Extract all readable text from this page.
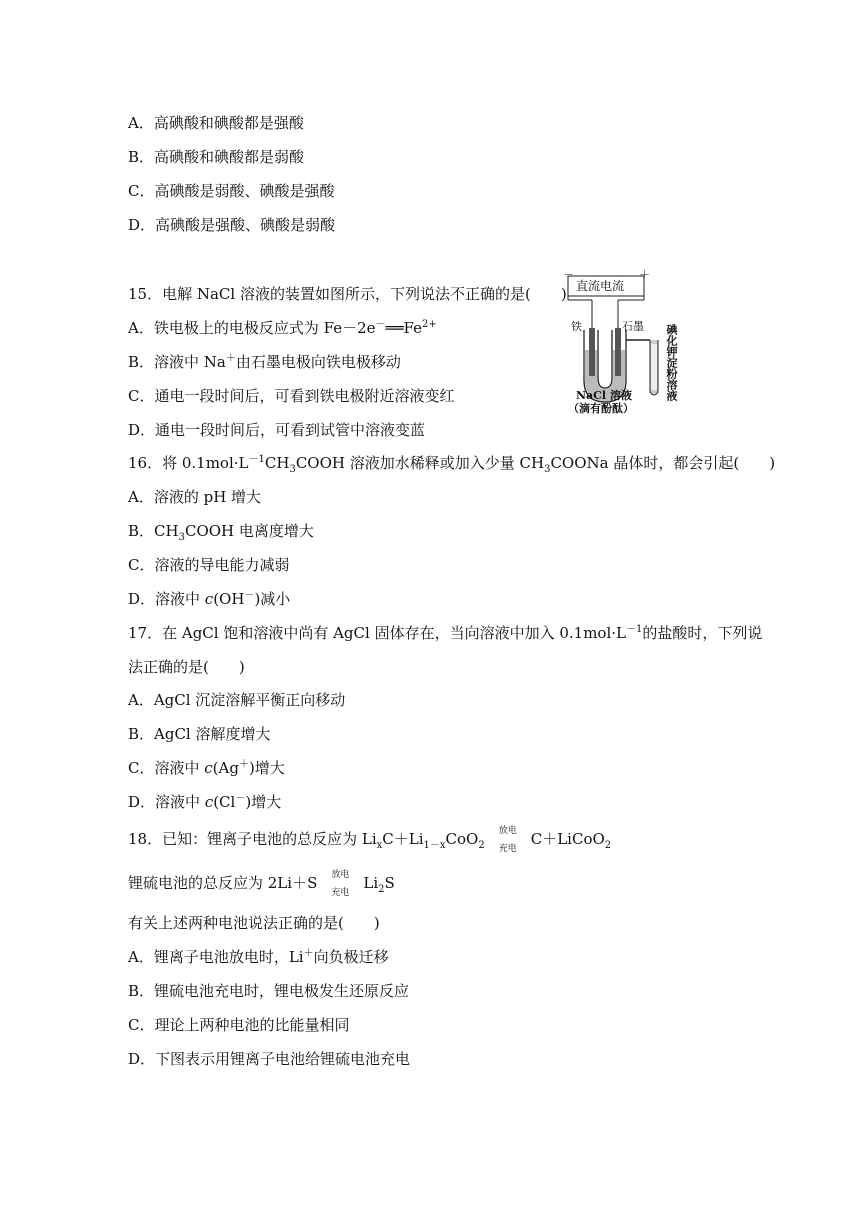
A．高碘酸和碘酸都是强酸
B．高碘酸和碘酸都是弱酸
C．高碘酸是弱酸、碘酸是强酸
D．高碘酸是强酸、碘酸是弱酸
15．电解 NaCl 溶液的装置如图所示，下列说法不正确的是(　　)
A．铁电极上的电极反应式为 $Fe-2e^-══Fe^{2+}$
B．溶液中 Na＋由石墨电极向铁电极移动
C．通电一段时间后，可看到铁电极附近溶液变红
D．通电一段时间后，可看到试管中溶液变蓝
－	＋
直流电流
铁	石墨
NaCl 溶液
（滴有酚酞）
碘化钾淀粉溶液
16．将 $0.1mol\cdot L^{-1}CH_3COOH$ 溶液加水稀释或加入少量 $CH_3COONa$ 晶体时，都会引起(　　)
A．溶液的 pH 增大
B．$CH_3COOH$ 电离度增大
C．溶液的导电能力减弱
D．溶液中 c(OH－)减小
17．在 AgCl 饱和溶液中尚有 AgCl 固体存在，当向溶液中加入 $0.1mol\cdot L^{-1}$的盐酸时，下列说
法正确的是(　　)
A．AgCl 沉淀溶解平衡正向移动
B．AgCl 溶解度增大
C．溶液中 c(Ag＋)增大
D．溶液中 c(Cl－)增大
18．已知：锂离子电池的总反应为 $Li_xC+Li_{1-x}CoO_2$
放电
充电
C＋LiCoO$_2$
锂硫电池的总反应为 2Li＋S 放电
充电
$Li_2S$
有关上述两种电池说法正确的是(　　)
A．锂离子电池放电时，Li＋向负极迁移
B．锂硫电池充电时，锂电极发生还原反应
C．理论上两种电池的比能量相同
D．下图表示用锂离子电池给锂硫电池充电
